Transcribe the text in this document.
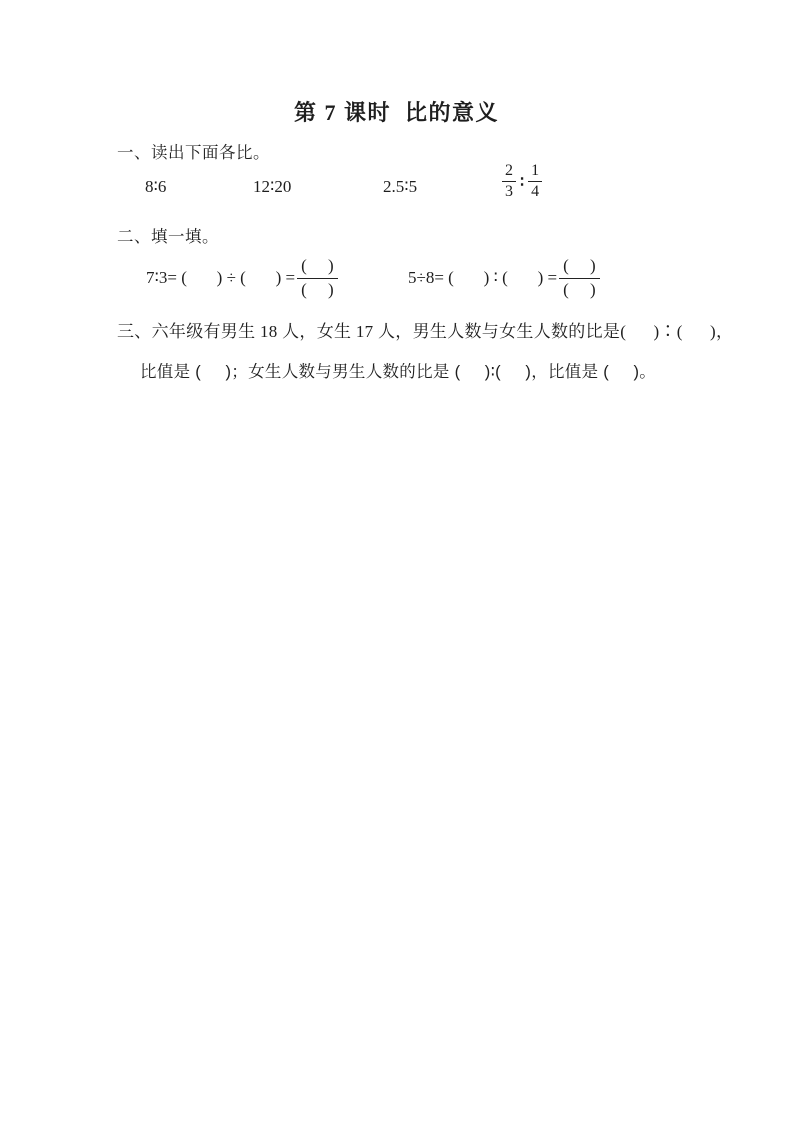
第 7 课时  比的意义
一、读出下面各比。
8∶6	12∶20	2.5∶5	$\frac{2}{3}$ ∶ $\frac{1}{4}$
二、填一填。
7∶3= (       ) ÷ (       ) = $\frac{( )}{( )}$	5÷8= (       ) ∶ (       ) = $\frac{( )}{( )}$
三、六年级有男生 18 人，女生 17 人，男生人数与女生人数的比是(      )∶(      )，
比值是 (     )；女生人数与男生人数的比是 (     )∶(     )，比值是 (     )。
